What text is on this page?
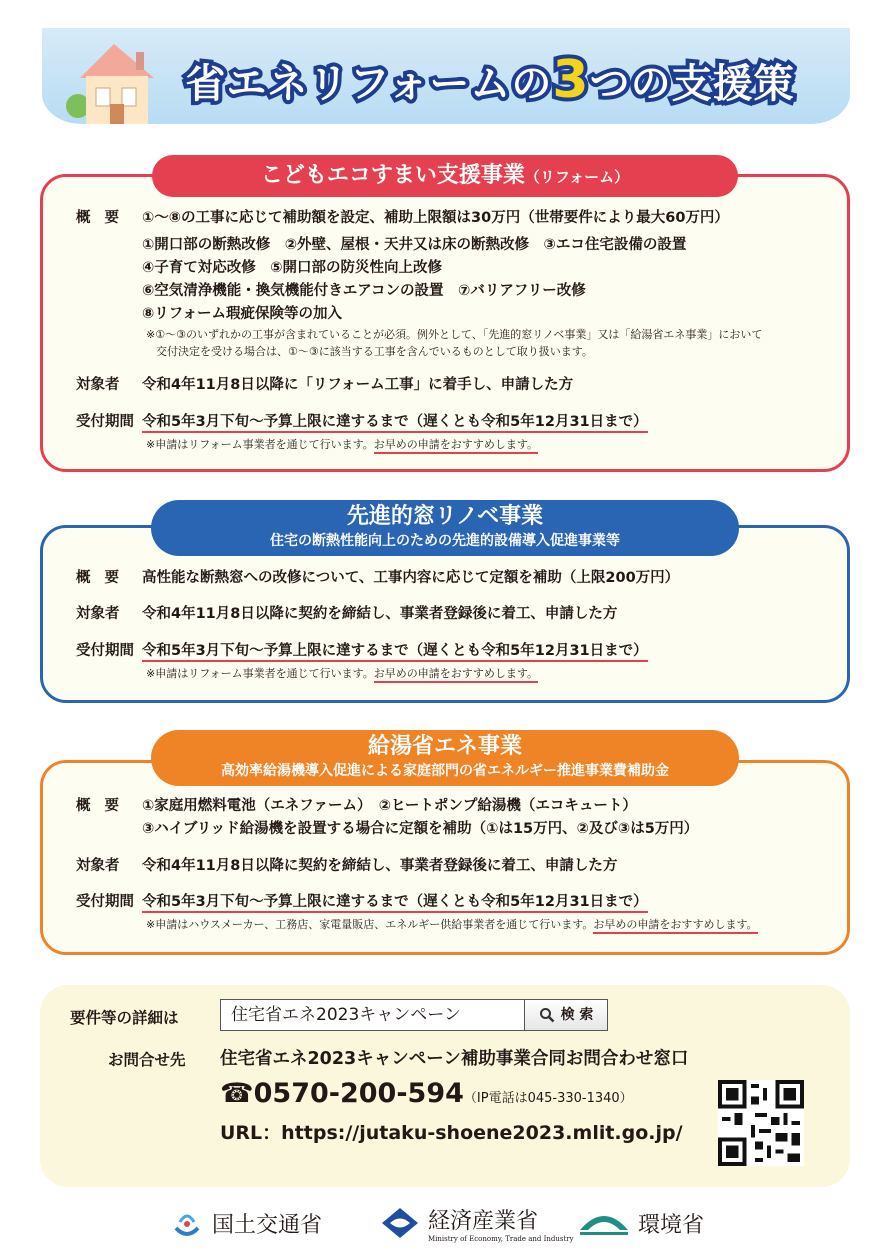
省エネリフォームの3つの支援策
こどもエコすまい支援事業（リフォーム）
概要 ①～⑧の工事に応じて補助額を設定、補助上限額は30万円（世帯要件により最大60万円）
①開口部の断熱改修　②外壁、屋根・天井又は床の断熱改修　③エコ住宅設備の設置
④子育て対応改修　⑤開口部の防災性向上改修
⑥空気清浄機能・換気機能付きエアコンの設置　⑦バリアフリー改修
⑧リフォーム瑕疵保険等の加入
※①～③のいずれかの工事が含まれていることが必須。例外として、「先進的窓リノベ事業」又は「給湯省エネ事業」において
交付決定を受ける場合は、①～③に該当する工事を含んでいるものとして取り扱います。
対象者 令和4年11月8日以降に「リフォーム工事」に着手し、申請した方
受付期間 令和5年3月下旬～予算上限に達するまで（遅くとも令和5年12月31日まで）
※申請はリフォーム事業者を通じて行います。お早めの申請をおすすめします。
先進的窓リノベ事業
住宅の断熱性能向上のための先進的設備導入促進事業等
概要 高性能な断熱窓への改修について、工事内容に応じて定額を補助（上限200万円）
対象者 令和4年11月8日以降に契約を締結し、事業者登録後に着工、申請した方
受付期間 令和5年3月下旬～予算上限に達するまで（遅くとも令和5年12月31日まで）
※申請はリフォーム事業者を通じて行います。お早めの申請をおすすめします。
給湯省エネ事業
高効率給湯機導入促進による家庭部門の省エネルギー推進事業費補助金
概要 ①家庭用燃料電池（エネファーム）　②ヒートポンプ給湯機（エコキュート）
③ハイブリッド給湯機を設置する場合に定額を補助（①は15万円、②及び③は5万円）
対象者 令和4年11月8日以降に契約を締結し、事業者登録後に着工、申請した方
受付期間 令和5年3月下旬～予算上限に達するまで（遅くとも令和5年12月31日まで）
※申請はハウスメーカー、工務店、家電量販店、エネルギー供給事業者を通じて行います。お早めの申請をおすすめします。
要件等の詳細は	住宅省エネ2023キャンペーン	検 索
お問合せ先 住宅省エネ2023キャンペーン補助事業合同お問合わせ窓口
☎0570-200-594（IP電話は045-330-1340）
URL：https://jutaku-shoene2023.mlit.go.jp/
国土交通省	経済産業省
Ministry of Economy, Trade and Industry
環境省
